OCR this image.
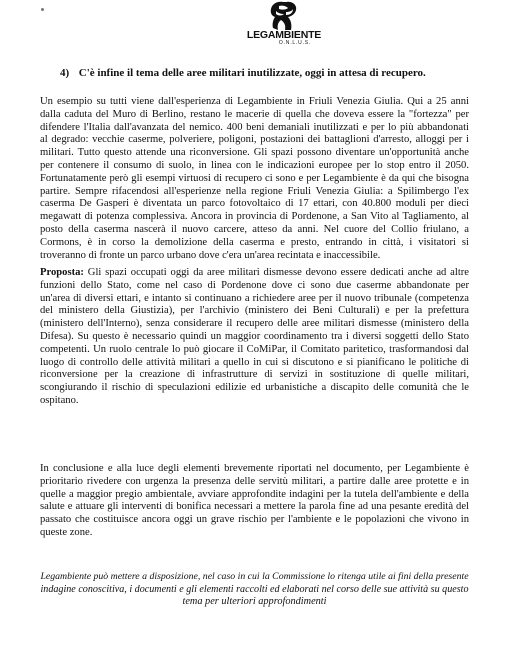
LEGAMBIENTE
O.N.L.U.S.
4) C'è infine il tema delle aree militari inutilizzate, oggi in attesa di recupero.
Un esempio su tutti viene dall'esperienza di Legambiente in Friuli Venezia Giulia. Qui a 25 anni
dalla caduta del Muro di Berlino, restano le macerie di quella che doveva essere la "fortezza" per
difendere l'Italia dall'avanzata del nemico. 400 beni demaniali inutilizzati e per lo più abbandonati
al degrado: vecchie caserme, polveriere, poligoni, postazioni dei battaglioni d'arresto, alloggi per i
militari. Tutto questo attende una riconversione. Gli spazi possono diventare un'opportunità anche
per contenere il consumo di suolo, in linea con le indicazioni europee per lo stop entro il 2050.
Fortunatamente però gli esempi virtuosi di recupero ci sono e per Legambiente è da qui che bisogna
partire. Sempre rifacendosi all'esperienze nella regione Friuli Venezia Giulia: a Spilimbergo l'ex
caserma De Gasperi è diventata un parco fotovoltaico di 17 ettari, con 40.800 moduli per dieci
megawatt di potenza complessiva. Ancora in provincia di Pordenone, a San Vito al Tagliamento, al
posto della caserma nascerà il nuovo carcere, atteso da anni. Nel cuore del Collio friulano, a
Cormons, è in corso la demolizione della caserma e presto, entrando in città, i visitatori si
troveranno di fronte un parco urbano dove c'era un'area recintata e inaccessibile.
Proposta: Gli spazi occupati oggi da aree militari dismesse devono essere dedicati anche ad altre
funzioni dello Stato, come nel caso di Pordenone dove ci sono due caserme abbandonate per
un'area di diversi ettari, e intanto si continuano a richiedere aree per il nuovo tribunale (competenza
del ministero della Giustizia), per l'archivio (ministero dei Beni Culturali) e per la prefettura
(ministero dell'Interno), senza considerare il recupero delle aree militari dismesse (ministero della
Difesa). Su questo è necessario quindi un maggior coordinamento tra i diversi soggetti dello Stato
competenti. Un ruolo centrale lo può giocare il CoMiPar, il Comitato paritetico, trasformandosi dal
luogo di controllo delle attività militari a quello in cui si discutono e si pianificano le politiche di
riconversione per la creazione di infrastrutture di servizi in sostituzione di quelle militari,
scongiurando il rischio di speculazioni edilizie ed urbanistiche a discapito delle comunità che le
ospitano.
In conclusione e alla luce degli elementi brevemente riportati nel documento, per Legambiente è
prioritario rivedere con urgenza la presenza delle servitù militari, a partire dalle aree protette e in
quelle a maggior pregio ambientale, avviare approfondite indagini per la tutela dell'ambiente e della
salute e attuare gli interventi di bonifica necessari a mettere la parola fine ad una pesante eredità del
passato che costituisce ancora oggi un grave rischio per l'ambiente e le popolazioni che vivono in
queste zone.
Legambiente può mettere a disposizione, nel caso in cui la Commissione lo ritenga utile ai fini della presente
indagine conoscitiva, i documenti e gli elementi raccolti ed elaborati nel corso delle sue attività su questo
tema per ulteriori approfondimenti
